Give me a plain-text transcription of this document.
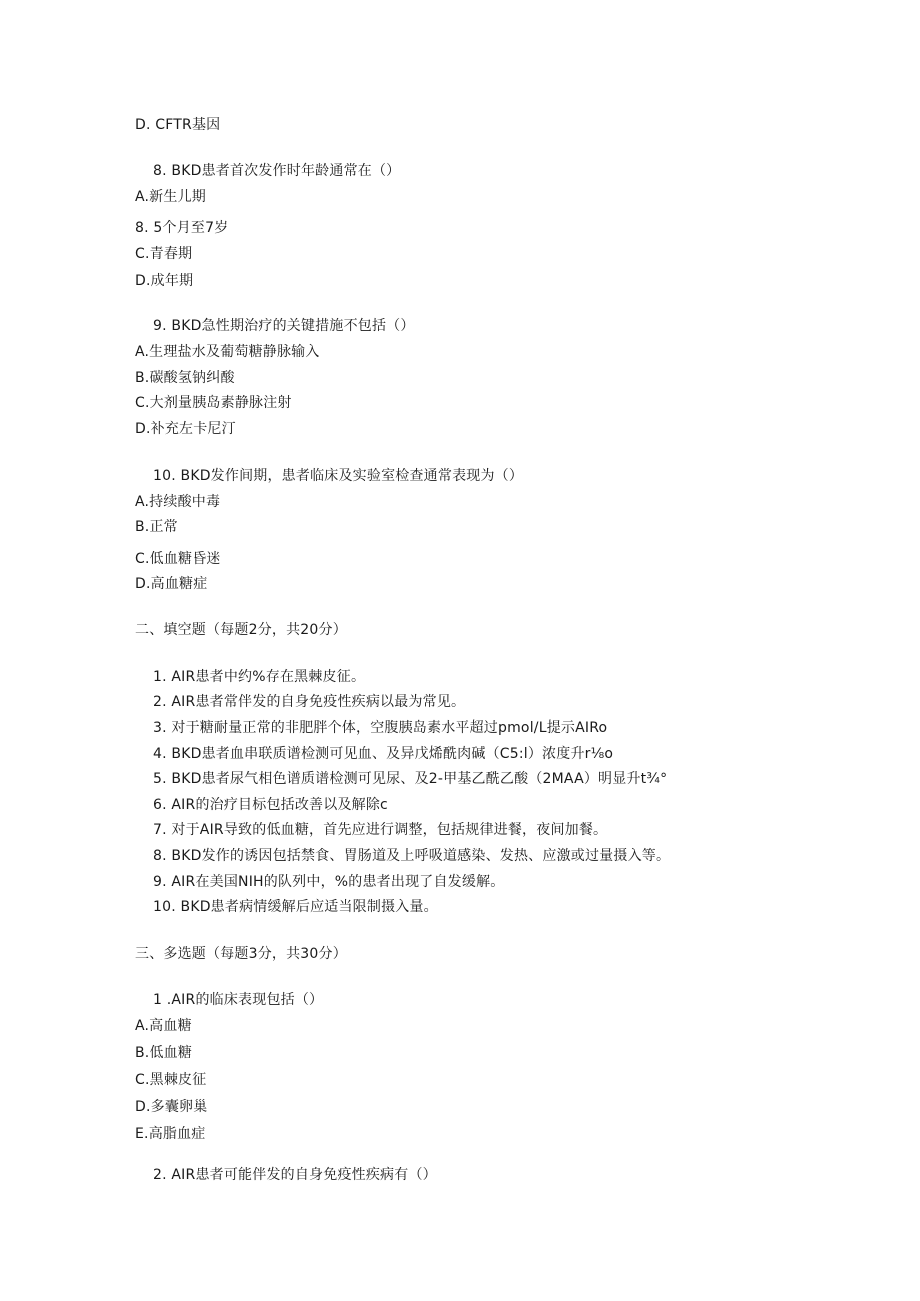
D. CFTR基因
8. BKD患者首次发作时年龄通常在（）
A.新生儿期
8. 5个月至7岁
C.青春期
D.成年期
9. BKD急性期治疗的关键措施不包括（）
A.生理盐水及葡萄糖静脉输入
B.碳酸氢钠纠酸
C.大剂量胰岛素静脉注射
D.补充左卡尼汀
10. BKD发作间期，患者临床及实验室检查通常表现为（）
A.持续酸中毒
B.正常
C.低血糖昏迷
D.高血糖症
二、填空题（每题2分，共20分）
1. AIR患者中约%存在黑棘皮征。
2. AIR患者常伴发的自身免疫性疾病以最为常见。
3. 对于糖耐量正常的非肥胖个体，空腹胰岛素水平超过pmol/L提示AIRo
4. BKD患者血串联质谱检测可见血、及异戊烯酰肉碱（C5:l）浓度升r⅛o
5. BKD患者尿气相色谱质谱检测可见尿、及2-甲基乙酰乙酸（2MAA）明显升t¾°
6. AIR的治疗目标包括改善以及解除c
7. 对于AIR导致的低血糖，首先应进行调整，包括规律进餐，夜间加餐。
8. BKD发作的诱因包括禁食、胃肠道及上呼吸道感染、发热、应激或过量摄入等。
9. AIR在美国NIH的队列中，%的患者出现了自发缓解。
10. BKD患者病情缓解后应适当限制摄入量。
三、多选题（每题3分，共30分）
1 .AIR的临床表现包括（）
A.高血糖
B.低血糖
C.黑棘皮征
D.多囊卵巢
E.高脂血症
2. AIR患者可能伴发的自身免疫性疾病有（）
